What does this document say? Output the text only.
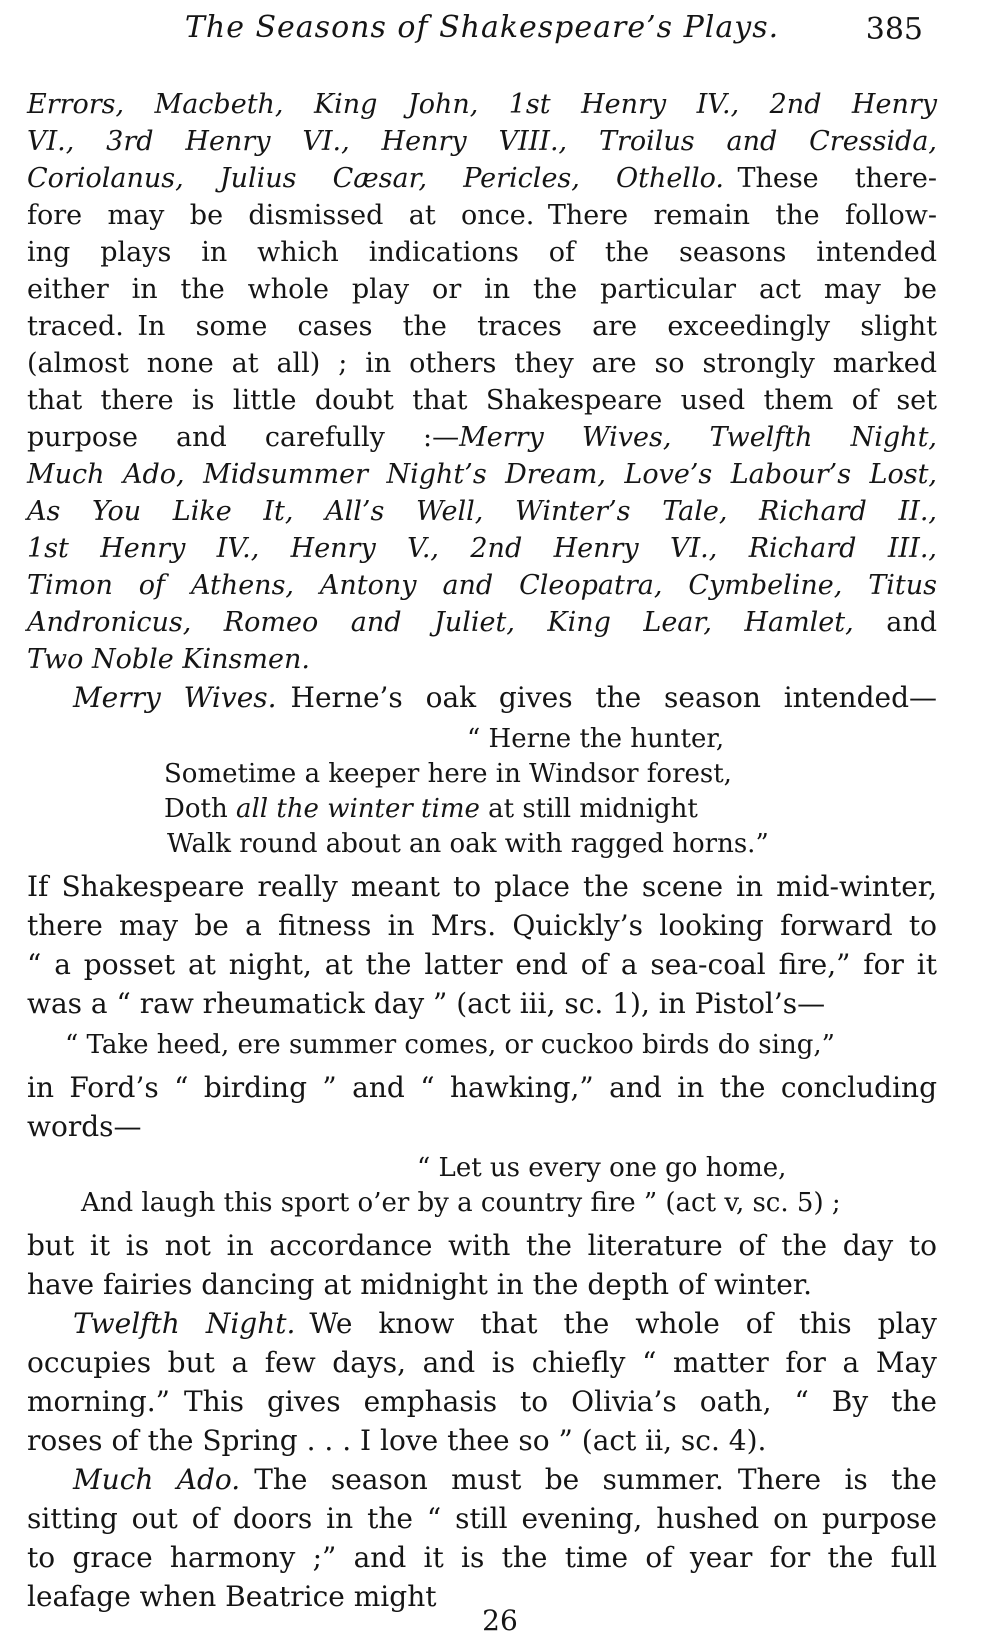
The Seasons of Shakespeare’s Plays.	385
Errors, Macbeth, King John, 1st Henry IV., 2nd Henry
VI., 3rd Henry VI., Henry VIII., Troilus and Cressida,
Coriolanus, Julius Cæsar, Pericles, Othello. These there-
fore may be dismissed at once. There remain the follow-
ing plays in which indications of the seasons intended
either in the whole play or in the particular act may be
traced. In some cases the traces are exceedingly slight
(almost none at all) ; in others they are so strongly marked
that there is little doubt that Shakespeare used them of set
purpose and carefully :—Merry Wives, Twelfth Night,
Much Ado, Midsummer Night’s Dream, Love’s Labour’s Lost,
As You Like It, All’s Well, Winter’s Tale, Richard II.,
1st Henry IV., Henry V., 2nd Henry VI., Richard III.,
Timon of Athens, Antony and Cleopatra, Cymbeline, Titus
Andronicus, Romeo and Juliet, King Lear, Hamlet, and
Two Noble Kinsmen.
Merry Wives. Herne’s oak gives the season intended—
“ Herne the hunter,
Sometime a keeper here in Windsor forest,
Doth all the winter time at still midnight
Walk round about an oak with ragged horns.”
If Shakespeare really meant to place the scene in mid-winter,
there may be a fitness in Mrs. Quickly’s looking forward to
“ a posset at night, at the latter end of a sea-coal fire,” for it
was a “ raw rheumatick day ” (act iii, sc. 1), in Pistol’s—
“ Take heed, ere summer comes, or cuckoo birds do sing,”
in Ford’s “ birding ” and “ hawking,” and in the concluding
words—
“ Let us every one go home,
And laugh this sport o’er by a country fire ” (act v, sc. 5) ;
but it is not in accordance with the literature of the day to
have fairies dancing at midnight in the depth of winter.
Twelfth Night. We know that the whole of this play
occupies but a few days, and is chiefly “ matter for a May
morning.” This gives emphasis to Olivia’s oath, “ By the
roses of the Spring . . . I love thee so ” (act ii, sc. 4).
Much Ado. The season must be summer. There is the
sitting out of doors in the “ still evening, hushed on purpose
to grace harmony ;” and it is the time of year for the full
leafage when Beatrice might
26
